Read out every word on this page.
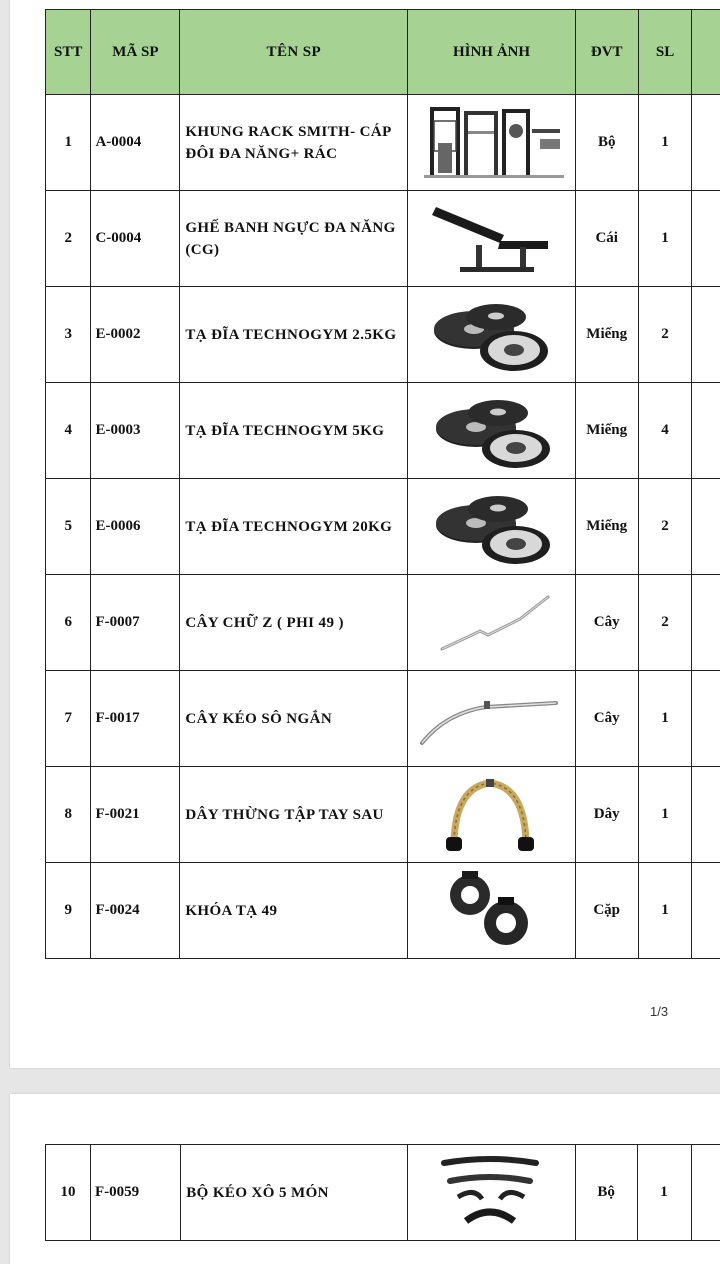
STT	MÃ SP	TÊN SP	HÌNH ẢNH	ĐVT	SL	
1	A-0004	KHUNG RACK SMITH- CÁP ĐÔI ĐA NĂNG+ RÁC		Bộ	1	
2	C-0004	GHẾ BANH NGỰC ĐA NĂNG (CG)		Cái	1	
3	E-0002	TẠ ĐĨA TECHNOGYM 2.5KG		Miếng	2	
4	E-0003	TẠ ĐĨA TECHNOGYM 5KG		Miếng	4	
5	E-0006	TẠ ĐĨA TECHNOGYM 20KG		Miếng	2	
6	F-0007	CÂY CHỮ Z ( PHI 49 )		Cây	2	
7	F-0017	CÂY KÉO SÔ NGẮN		Cây	1	
8	F-0021	DÂY THỪNG TẬP TAY SAU		Dây	1	
9	F-0024	KHÓA TẠ 49		Cặp	1	
1/3
10	F-0059	BỘ KÉO XÔ 5 MÓN		Bộ	1	
